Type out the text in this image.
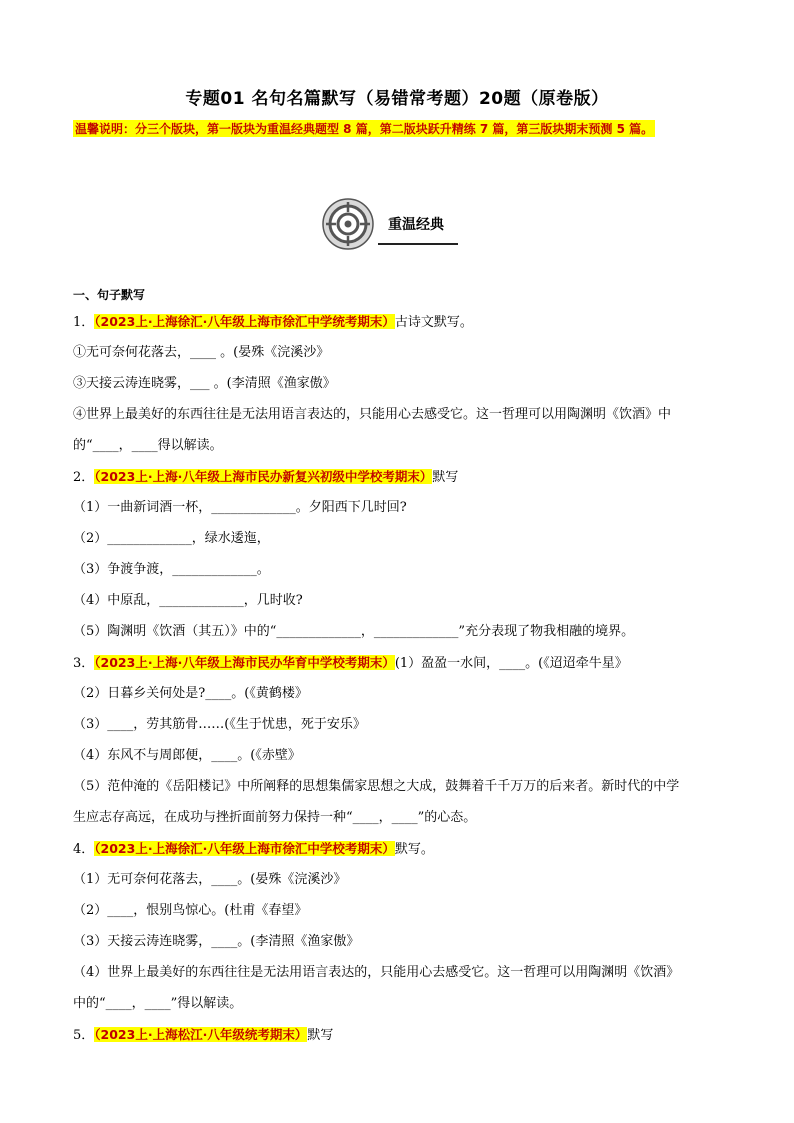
专题01 名句名篇默写（易错常考题）20题（原卷版）
温馨说明：分三个版块，第一版块为重温经典题型 8 篇，第二版块跃升精练 7 篇，第三版块期末预测 5 篇。
重温经典
一、句子默写
1．（2023上·上海徐汇·八年级上海市徐汇中学统考期末）古诗文默写。
①无可奈何花落去，____ 。(晏殊《浣溪沙》
③天接云涛连晓雾，___ 。(李清照《渔家傲》
④世界上最美好的东西往往是无法用语言表达的，只能用心去感受它。这一哲理可以用陶渊明《饮酒》中
的“____，____得以解读。
2．（2023上·上海·八年级上海市民办新复兴初级中学校考期末）默写
（1）一曲新词酒一杯，_____________。夕阳西下几时回?
（2）_____________，绿水逶迤，
（3）争渡争渡，_____________。
（4）中原乱，_____________，几时收?
（5）陶渊明《饮酒（其五）》中的“_____________，_____________”充分表现了物我相融的境界。
3．（2023上·上海·八年级上海市民办华育中学校考期末）(1）盈盈一水间，____。(《迢迢牵牛星》
（2）日暮乡关何处是?____。(《黄鹤楼》
（3）____，劳其筋骨……(《生于忧患，死于安乐》
（4）东风不与周郎便，____。(《赤壁》
（5）范仲淹的《岳阳楼记》中所阐释的思想集儒家思想之大成，鼓舞着千千万万的后来者。新时代的中学
生应志存高远，在成功与挫折面前努力保持一种“____，____”的心态。
4．（2023上·上海徐汇·八年级上海市徐汇中学校考期末）默写。
（1）无可奈何花落去，____。(晏殊《浣溪沙》
（2）____，恨别鸟惊心。(杜甫《春望》
（3）天接云涛连晓雾，____。(李清照《渔家傲》
（4）世界上最美好的东西往往是无法用语言表达的，只能用心去感受它。这一哲理可以用陶渊明《饮酒》
中的“____，____”得以解读。
5．（2023上·上海松江·八年级统考期末）默写
